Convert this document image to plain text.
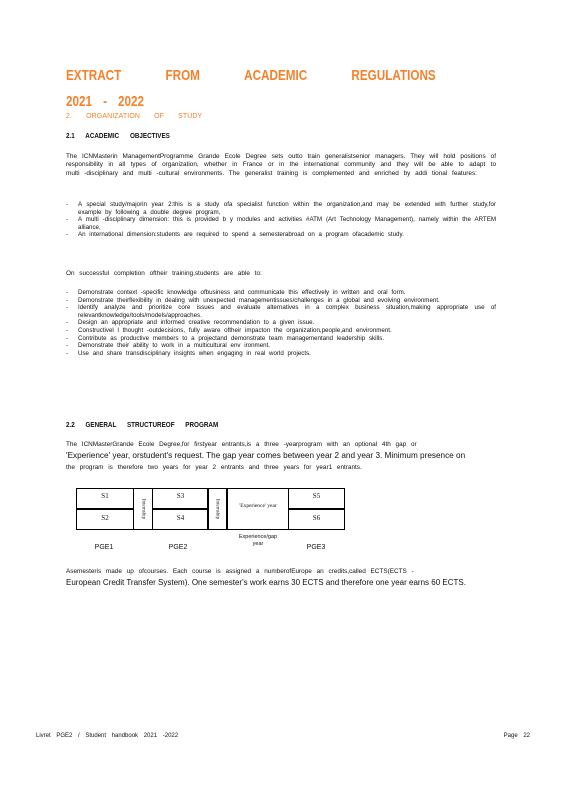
EXTRACT	FROM	ACADEMIC	REGULATIONS
2021 - 2022
2. ORGANIZATION OF STUDY
2.1 ACADEMIC OBJECTIVES
The ICNMasterin ManagementProgramme Grande Ecole Degree sets outto train generalistsenior managers. They will hold positions of responsibility in all types of organization, whether in France or in the international community and they will be able to adapt to multi -disciplinary and multi -cultural environments. The generalist training is complemented and enriched by addi tional features:
- A special study/majorin year 2:this is a study ofa specialist function within the organization,and may be extended with further study,for example by following a double degree program,
- A multi -disciplinary dimension: this is provided b y modules and activities #ATM (Art Technology Management), namely within the ARTEM alliance,
- An international dimension:students are required to spend a semesterabroad on a program ofacademic study.
On successful completion oftheir training,students are able to:
- Demonstrate context -specific knowledge ofbusiness and communicate this effectively in written and oral form.
- Demonstrate theirflexibility in dealing with unexpected managementissues/challenges in a global and evolving environment.
- Identify analyze and prioritize core issues and evaluate alternatives in a complex business situation,making appropriate use of relevantknowledge/tools/models/approaches.
- Design an appropriate and informed creative recommendation to a given issue.
- Constructivel l thought -outdecisions, fully aware oftheir impacton the organization,people,and environment.
- Contribute as productive members to a projectand demonstrate team managementand leadership skills.
- Demonstrate their ability to work in a multicultural env ironment.
- Use and share transdisciplinary insights when engaging in real world projects.
2.2 GENERAL STRUCTUREOF PROGRAM
The ICNMasterGrande Ecole Degree,for firstyear entrants,is a three -yearprogram with an optional 4th gap or
'Experience' year, orstudent's request. The gap year comes between year 2 and year 3. Minimum presence on
the program is therefore two years for year 2 entrants and three years for year1 entrants.
S1
S2	Internship
S3
S4	Internship	'Experience' year
S5
S6
PGE1	PGE2
Experience/gap year	PGE3
Asemesteris made up ofcourses. Each course is assigned a numberofEurope an credits,called ECTS(ECTS -
European Credit Transfer System). One semester's work earns 30 ECTS and therefore one year earns 60 ECTS.
Livret PGE2 / Student handbook 2021 -2022	Page 22
